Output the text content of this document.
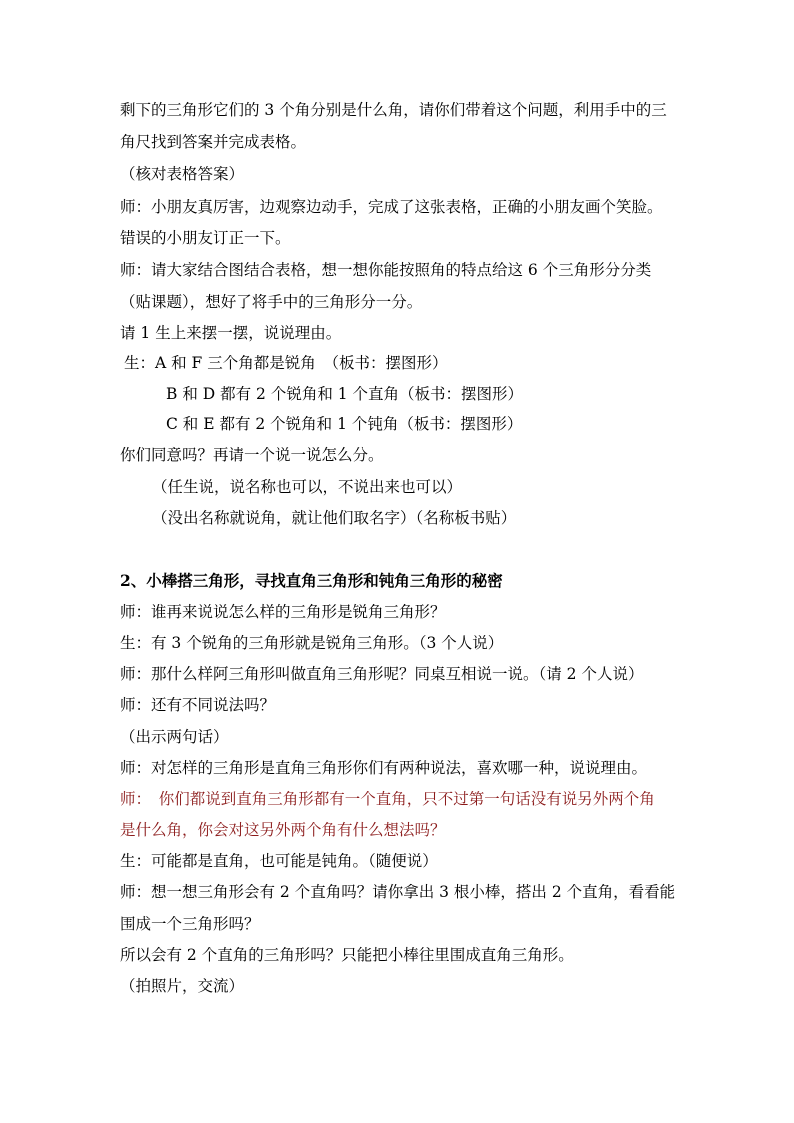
剩下的三角形它们的 3 个角分别是什么角，请你们带着这个问题，利用手中的三
角尺找到答案并完成表格。
（核对表格答案）
师：小朋友真厉害，边观察边动手，完成了这张表格，正确的小朋友画个笑脸。
错误的小朋友订正一下。
师：请大家结合图结合表格，想一想你能按照角的特点给这 6 个三角形分分类
（贴课题），想好了将手中的三角形分一分。
请 1 生上来摆一摆，说说理由。
生：A 和 F 三个角都是锐角　（板书：摆图形）
B 和 D 都有 2 个锐角和 1 个直角（板书：摆图形）
C 和 E 都有 2 个锐角和 1 个钝角（板书：摆图形）
你们同意吗？再请一个说一说怎么分。
（任生说，说名称也可以，不说出来也可以）
（没出名称就说角，就让他们取名字）（名称板书贴）
2、小棒搭三角形，寻找直角三角形和钝角三角形的秘密
师：谁再来说说怎么样的三角形是锐角三角形？
生：有 3 个锐角的三角形就是锐角三角形。（3 个人说）
师：那什么样阿三角形叫做直角三角形呢？同桌互相说一说。（请 2 个人说）
师：还有不同说法吗？
（出示两句话）
师：对怎样的三角形是直角三角形你们有两种说法，喜欢哪一种，说说理由。
师：　你们都说到直角三角形都有一个直角，只不过第一句话没有说另外两个角
是什么角，你会对这另外两个角有什么想法吗？
生：可能都是直角，也可能是钝角。（随便说）
师：想一想三角形会有 2 个直角吗？请你拿出 3 根小棒，搭出 2 个直角，看看能
围成一个三角形吗？
所以会有 2 个直角的三角形吗？只能把小棒往里围成直角三角形。
（拍照片，交流）
